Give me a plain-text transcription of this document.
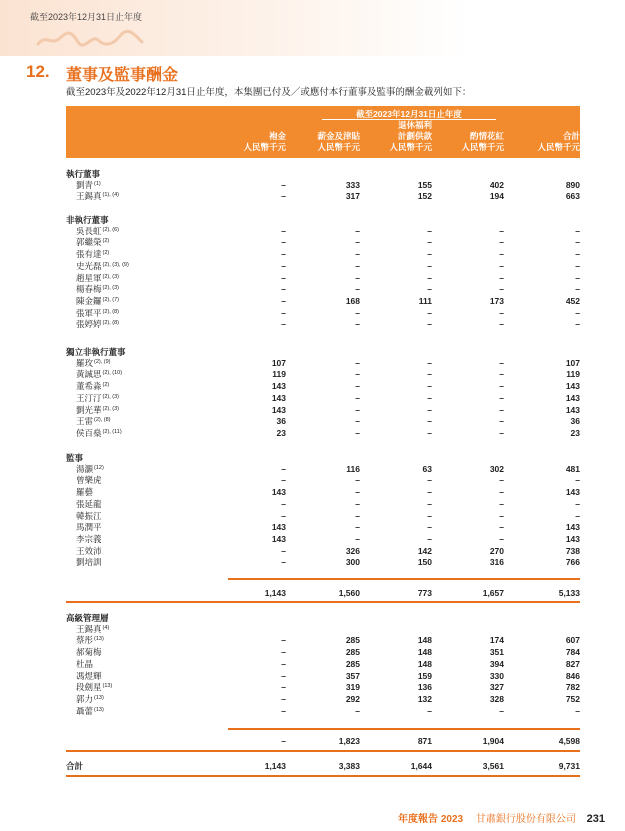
截至2023年12月31日止年度
12. 董事及監事酬金
截至2023年及2022年12月31日止年度，本集團已付及／或應付本行董事及監事的酬金載列如下：
截至2023年12月31日止年度
袍金
人民幣千元
薪金及津貼
人民幣千元
退休福利
計劃供款
人民幣千元
酌情花紅
人民幣千元
合計
人民幣千元
執行董事
劉青$^{(1)}$	–	333	155	402	890
王錫真$^{(1), (4)}$	–	317	152	194	663
非執行董事
吳長虹$^{(2), (6)}$	–	–	–	–	–
郭繼榮$^{(2)}$	–	–	–	–	–
張有達$^{(2)}$	–	–	–	–	–
史光磊$^{(2), (3), (9)}$	–	–	–	–	–
趙星軍$^{(2), (3)}$	–	–	–	–	–
楊春梅$^{(2), (3)}$	–	–	–	–	–
陳金鑼$^{(2), (7)}$	–	168	111	173	452
張軍平$^{(2), (8)}$	–	–	–	–	–
張婷婷$^{(2), (8)}$	–	–	–	–	–
獨立非執行董事
羅玫$^{(2), (9)}$	107	–	–	–	107
黃誠思$^{(2), (10)}$	119	–	–	–	119
董希淼$^{(2)}$	143	–	–	–	143
王汀汀$^{(2), (3)}$	143	–	–	–	143
劉光華$^{(2), (3)}$	143	–	–	–	143
王雷$^{(2), (8)}$	36	–	–	–	36
侯百燊$^{(2), (11)}$	23	–	–	–	23
監事
湯灝$^{(12)}$	–	116	63	302	481
曾樂虎	–	–	–	–	–
羅藝	143	–	–	–	143
張延龍	–	–	–	–	–
韓振江	–	–	–	–	–
馬潤平	143	–	–	–	143
李宗義	143	–	–	–	143
王效沛	–	326	142	270	738
劉培訓	–	300	150	316	766
1,143	1,560	773	1,657	5,133
高級管理層
王錫真$^{(4)}$
蔡彤$^{(13)}$	–	285	148	174	607
郝菊梅	–	285	148	351	784
杜晶	–	285	148	394	827
馮煜輝	–	357	159	330	846
段劍星$^{(13)}$	–	319	136	327	782
郭力$^{(13)}$	–	292	132	328	752
聶蕾$^{(13)}$	–	–	–	–	–
–	1,823	871	1,904	4,598
合計	1,143	3,383	1,644	3,561	9,731
年度報告 2023 甘肅銀行股份有限公司 231
